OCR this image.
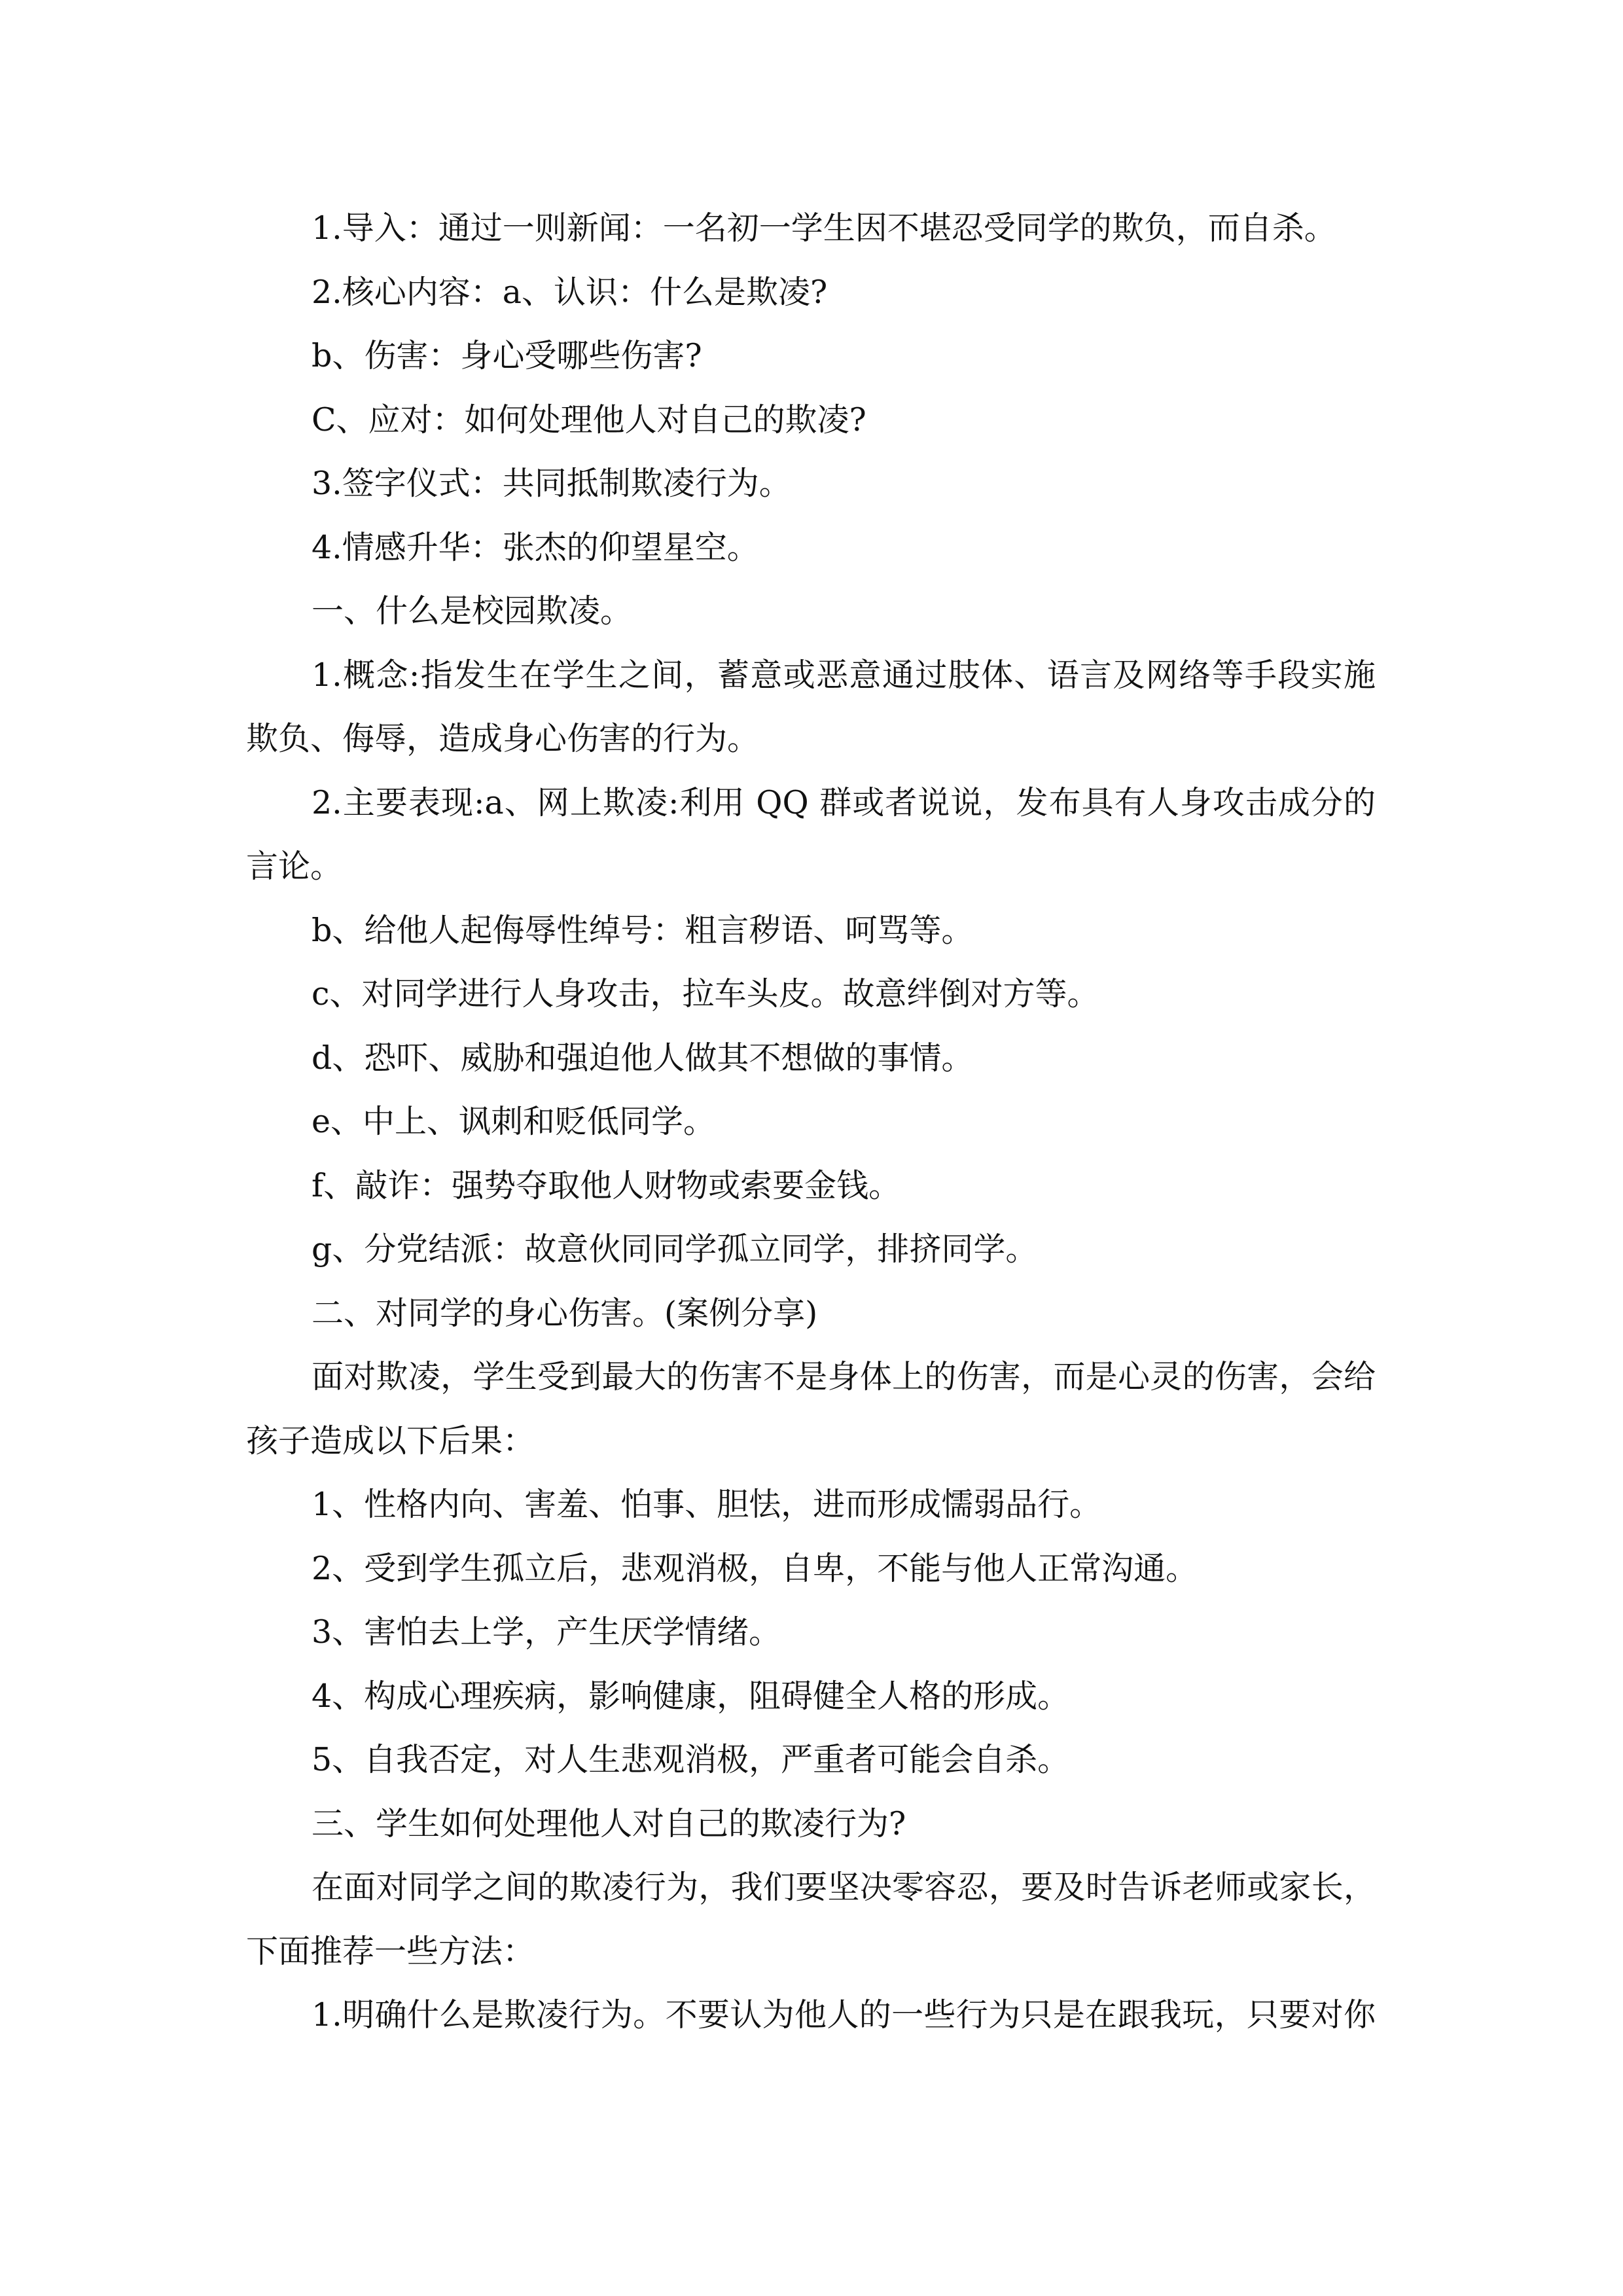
1.导入：通过一则新闻：一名初一学生因不堪忍受同学的欺负，而自杀。
2.核心内容：a、认识：什么是欺凌?
b、伤害：身心受哪些伤害?
C、应对：如何处理他人对自己的欺凌?
3.签字仪式：共同抵制欺凌行为。
4.情感升华：张杰的仰望星空。
一、什么是校园欺凌。
1.概念:指发生在学生之间，蓄意或恶意通过肢体、语言及网络等手段实施
欺负、侮辱，造成身心伤害的行为。
2.主要表现:a、网上欺凌:利用 QQ 群或者说说，发布具有人身攻击成分的
言论。
b、给他人起侮辱性绰号：粗言秽语、呵骂等。
c、对同学进行人身攻击，拉车头皮。故意绊倒对方等。
d、恐吓、威胁和强迫他人做其不想做的事情。
e、中上、讽刺和贬低同学。
f、敲诈：强势夺取他人财物或索要金钱。
g、分党结派：故意伙同同学孤立同学，排挤同学。
二、对同学的身心伤害。(案例分享)
面对欺凌，学生受到最大的伤害不是身体上的伤害，而是心灵的伤害，会给
孩子造成以下后果：
1、性格内向、害羞、怕事、胆怯，进而形成懦弱品行。
2、受到学生孤立后，悲观消极，自卑，不能与他人正常沟通。
3、害怕去上学，产生厌学情绪。
4、构成心理疾病，影响健康，阻碍健全人格的形成。
5、自我否定，对人生悲观消极，严重者可能会自杀。
三、学生如何处理他人对自己的欺凌行为?
在面对同学之间的欺凌行为，我们要坚决零容忍，要及时告诉老师或家长，
下面推荐一些方法：
1.明确什么是欺凌行为。不要认为他人的一些行为只是在跟我玩，只要对你
